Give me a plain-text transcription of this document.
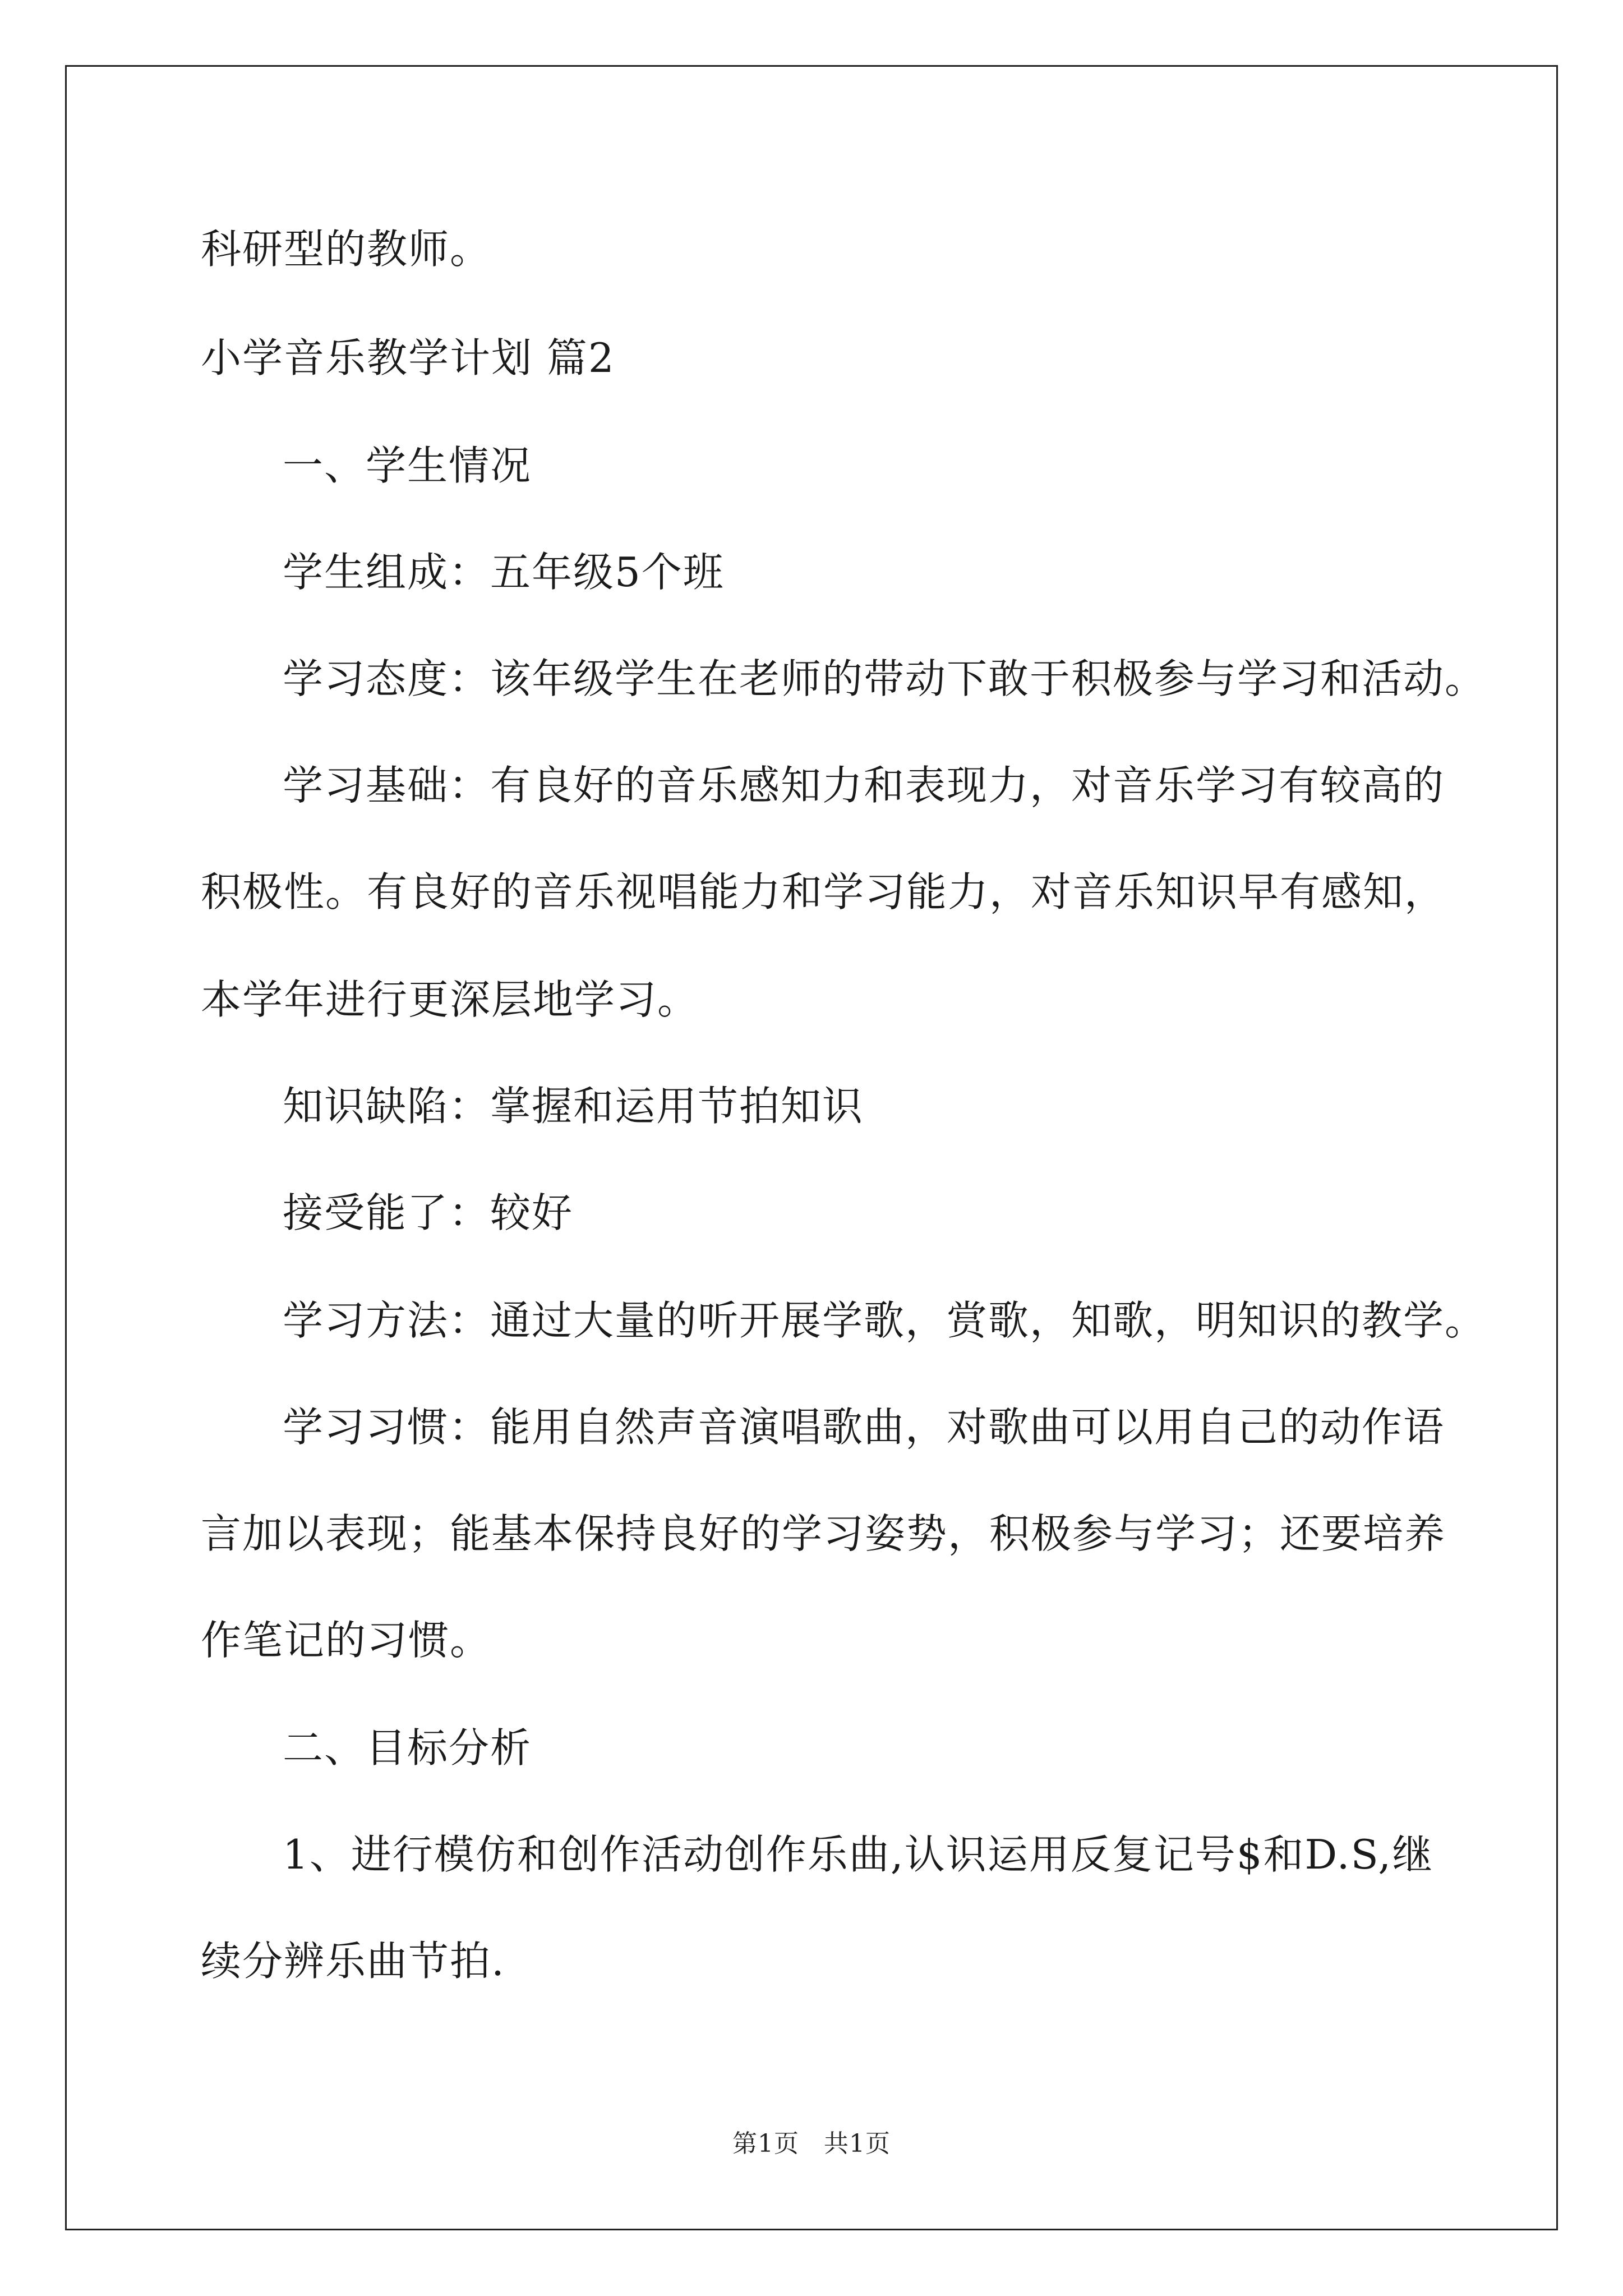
科研型的教师。
小学音乐教学计划 篇2
一、学生情况
学生组成：五年级5个班
学习态度：该年级学生在老师的带动下敢于积极参与学习和活动。
学习基础：有良好的音乐感知力和表现力，对音乐学习有较高的
积极性。有良好的音乐视唱能力和学习能力，对音乐知识早有感知，
本学年进行更深层地学习。
知识缺陷：掌握和运用节拍知识
接受能了：较好
学习方法：通过大量的听开展学歌，赏歌，知歌，明知识的教学。
学习习惯：能用自然声音演唱歌曲，对歌曲可以用自己的动作语
言加以表现；能基本保持良好的学习姿势，积极参与学习；还要培养
作笔记的习惯。
二、目标分析
1、进行模仿和创作活动创作乐曲,认识运用反复记号$和D.S,继
续分辨乐曲节拍.
第1页 共1页
